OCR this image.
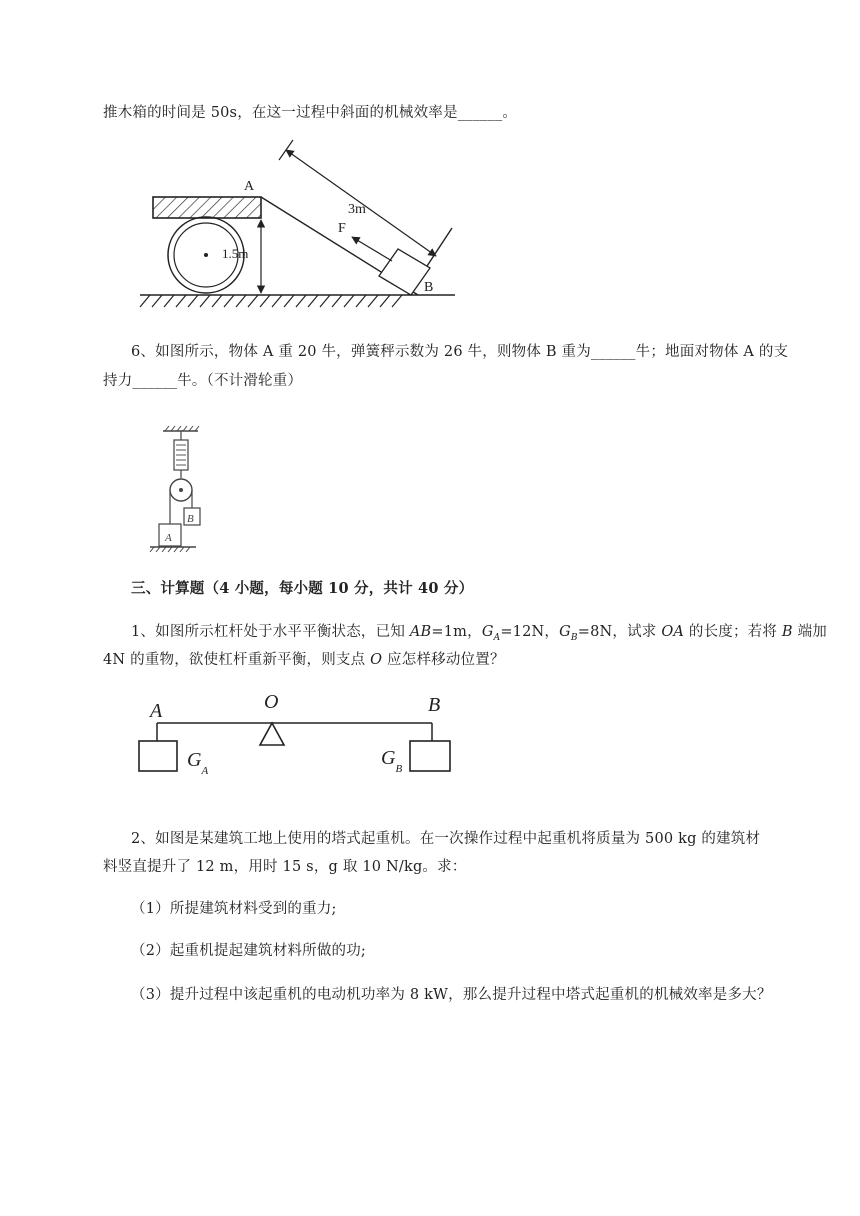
推木箱的时间是 50s，在这一过程中斜面的机械效率是______。
A
B
F
3m
1.5m
6、如图所示，物体 A 重 20 牛，弹簧秤示数为 26 牛，则物体 B 重为______牛；地面对物体 A 的支
持力______牛。（不计滑轮重）
B
A
三、计算题（4 小题，每小题 10 分，共计 40 分）
1、如图所示杠杆处于水平平衡状态，已知 AB=1m，$G_A=12N$，$G_B=8N$，试求 OA 的长度；若将 B 端加
4N 的重物，欲使杠杆重新平衡，则支点 O 应怎样移动位置？
A	O	B
$G_A$
$G_B$
2、如图是某建筑工地上使用的塔式起重机。在一次操作过程中起重机将质量为 500 kg 的建筑材
料竖直提升了 12 m，用时 15 s，g 取 10 N/kg。求：
（1）所提建筑材料受到的重力;
（2）起重机提起建筑材料所做的功;
（3）提升过程中该起重机的电动机功率为 8 kW，那么提升过程中塔式起重机的机械效率是多大？
